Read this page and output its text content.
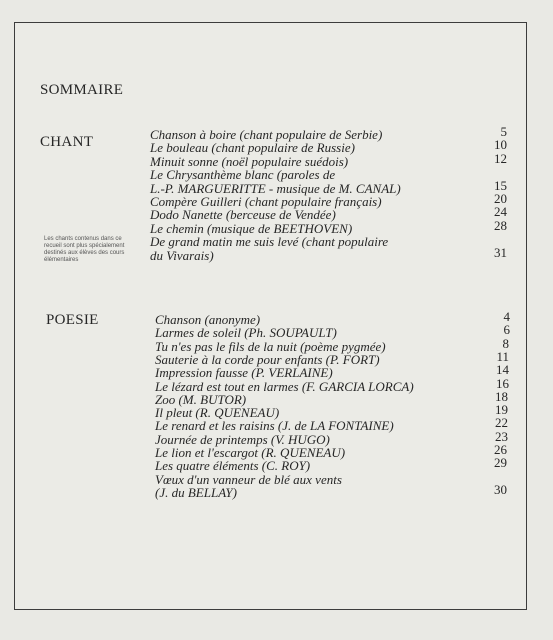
SOMMAIRE
CHANT
Les chants contenus dans ce recueil sont plus spécialement destinés aux élèves des cours élémentaires
POESIE
Chanson à boire (chant populaire de Serbie)	5
Le bouleau (chant populaire de Russie)	10
Minuit sonne (noël populaire suédois)	12
Le Chrysanthème blanc (paroles de
L.-P. MARGUERITTE - musique de M. CANAL)	15
Compère Guilleri (chant populaire français)	20
Dodo Nanette (berceuse de Vendée)	24
Le chemin (musique de BEETHOVEN)	28
De grand matin me suis levé (chant populaire
du Vivarais)	31
Chanson (anonyme)	4
Larmes de soleil (Ph. SOUPAULT)	6
Tu n'es pas le fils de la nuit (poème pygmée)	8
Sauterie à la corde pour enfants (P. FORT)	11
Impression fausse (P. VERLAINE)	14
Le lézard est tout en larmes (F. GARCIA LORCA)	16
Zoo (M. BUTOR)	18
Il pleut (R. QUENEAU)	19
Le renard et les raisins (J. de LA FONTAINE)	22
Journée de printemps (V. HUGO)	23
Le lion et l'escargot (R. QUENEAU)	26
Les quatre éléments (C. ROY)	29
Vœux d'un vanneur de blé aux vents
(J. du BELLAY)	30
